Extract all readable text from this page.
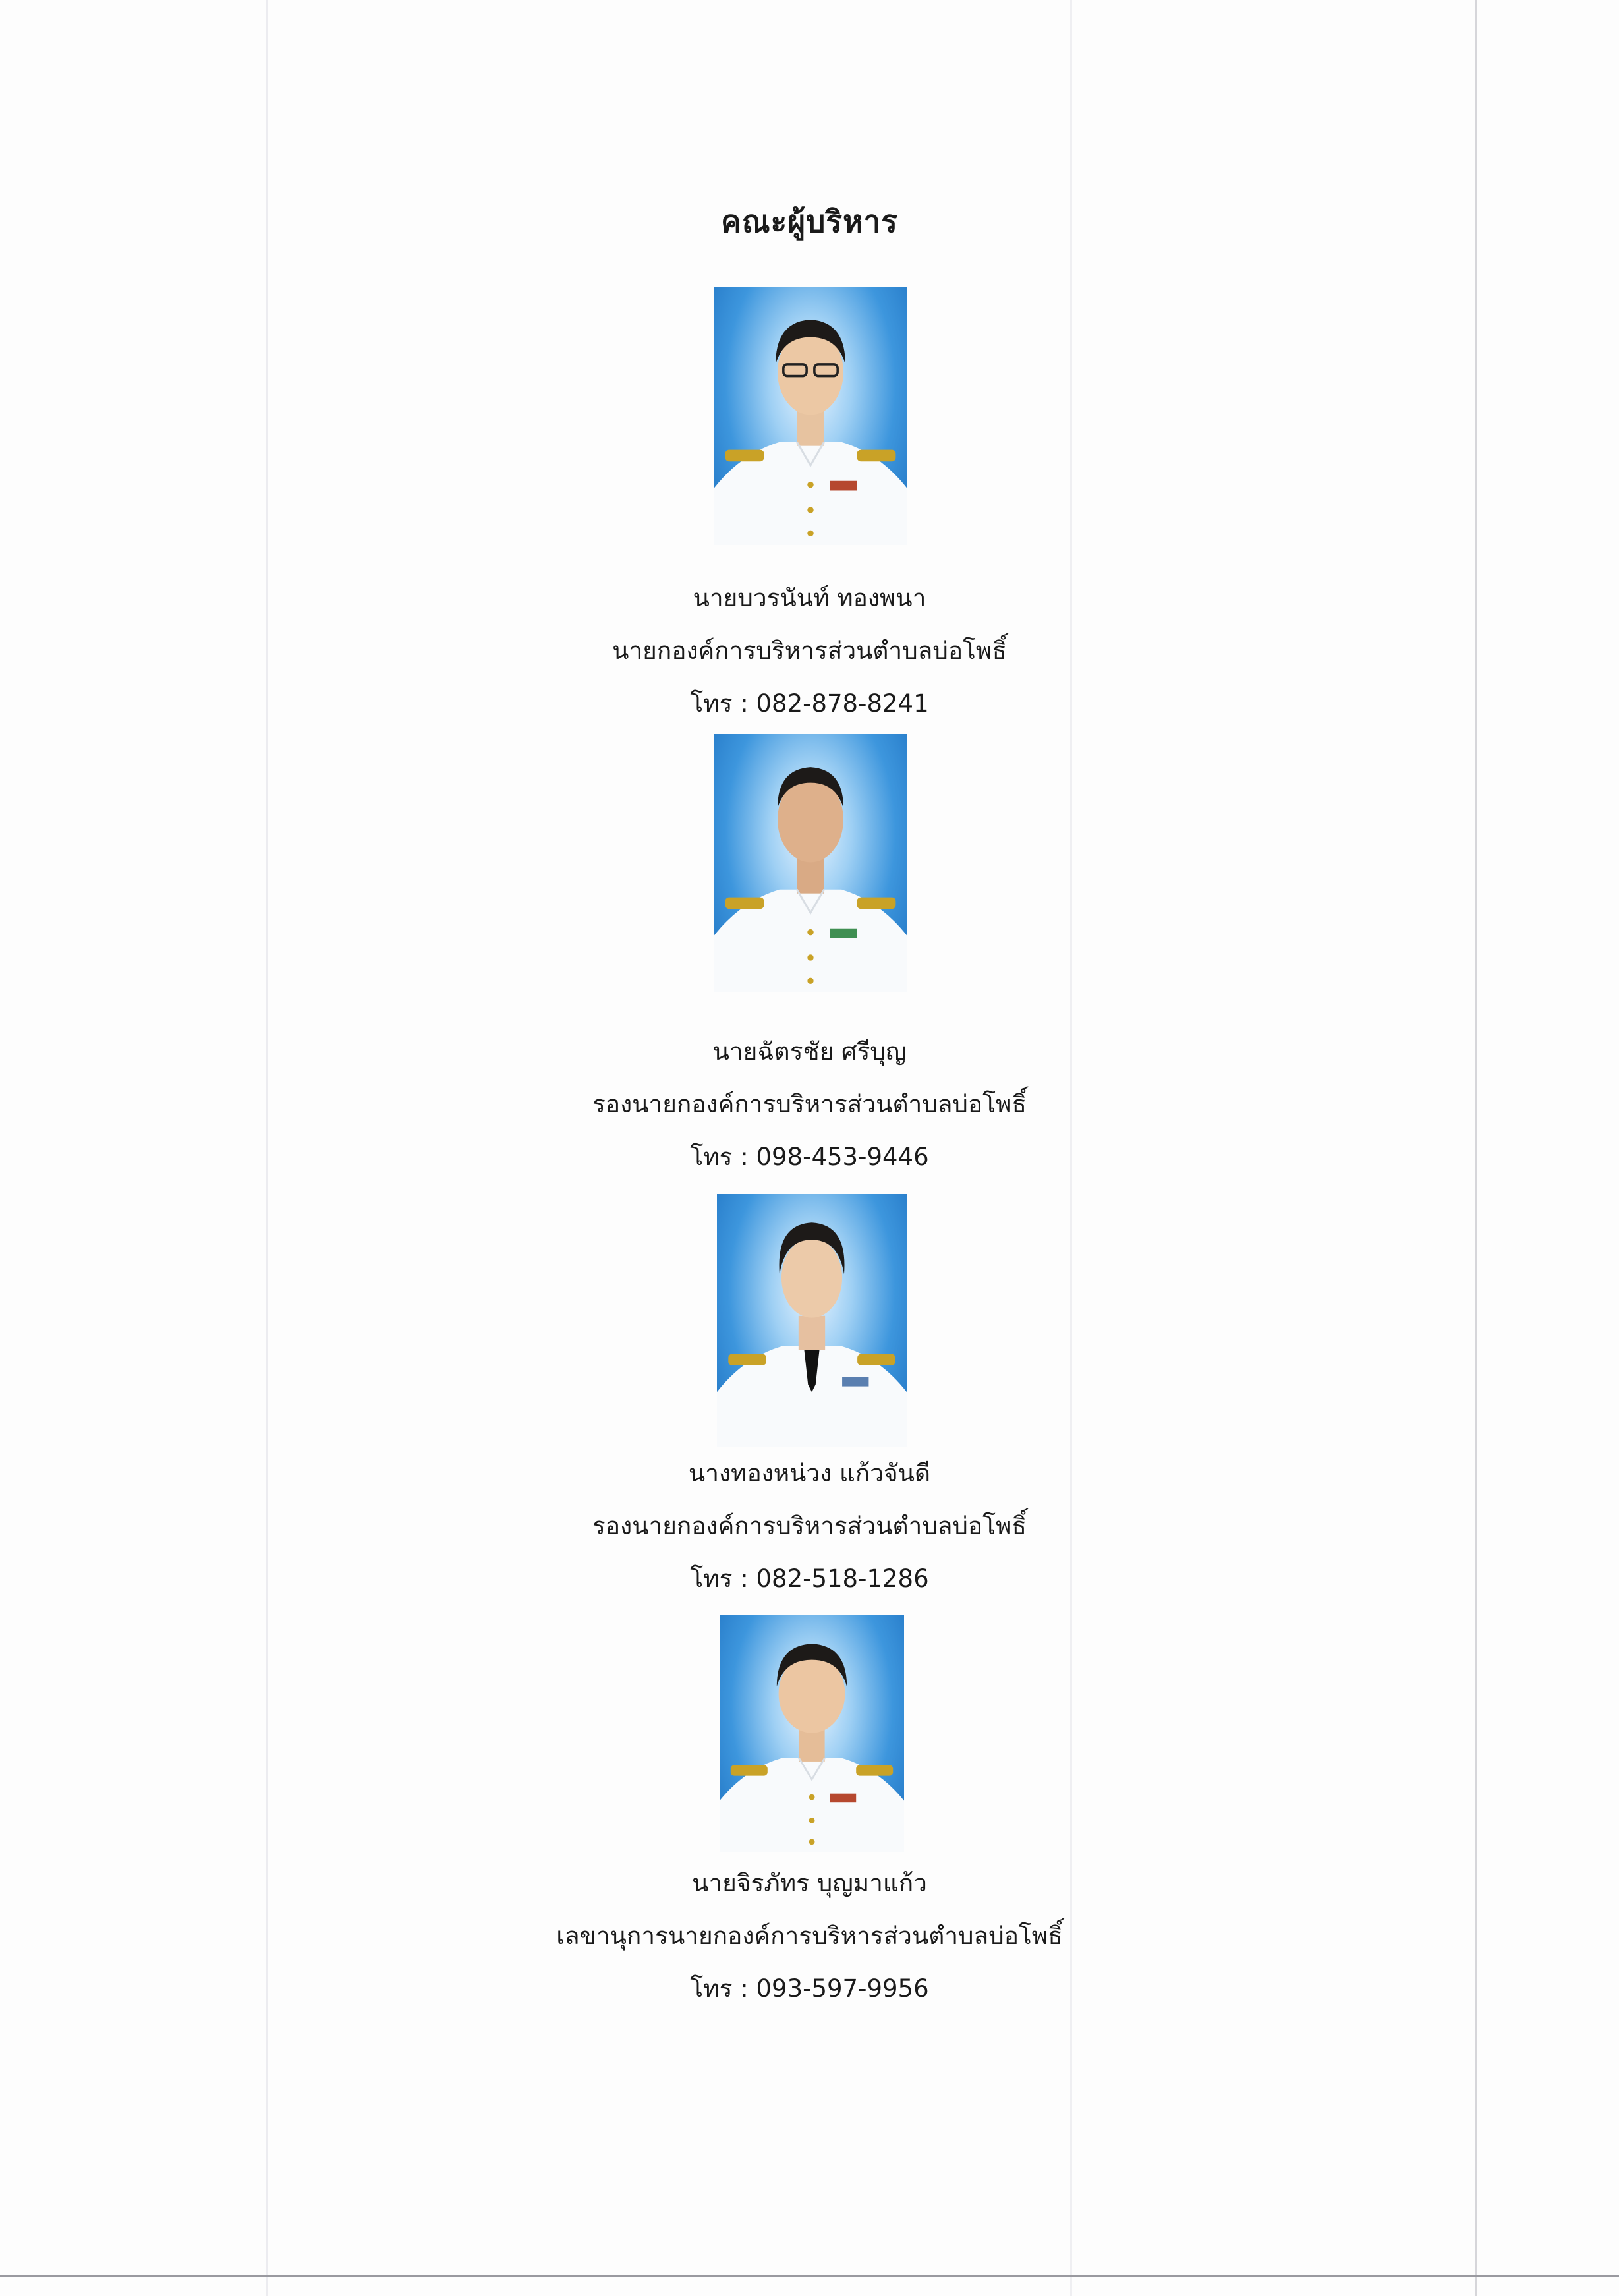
คณะผู้บริหาร
นายบวรนันท์ ทองพนา
นายกองค์การบริหารส่วนตำบลบ่อโพธิ์
โทร : 082-878-8241
นายฉัตรชัย ศรีบุญ
รองนายกองค์การบริหารส่วนตำบลบ่อโพธิ์
โทร : 098-453-9446
นางทองหน่วง แก้วจันดี
รองนายกองค์การบริหารส่วนตำบลบ่อโพธิ์
โทร : 082-518-1286
นายจิรภัทร บุญมาแก้ว
เลขานุการนายกองค์การบริหารส่วนตำบลบ่อโพธิ์
โทร : 093-597-9956
